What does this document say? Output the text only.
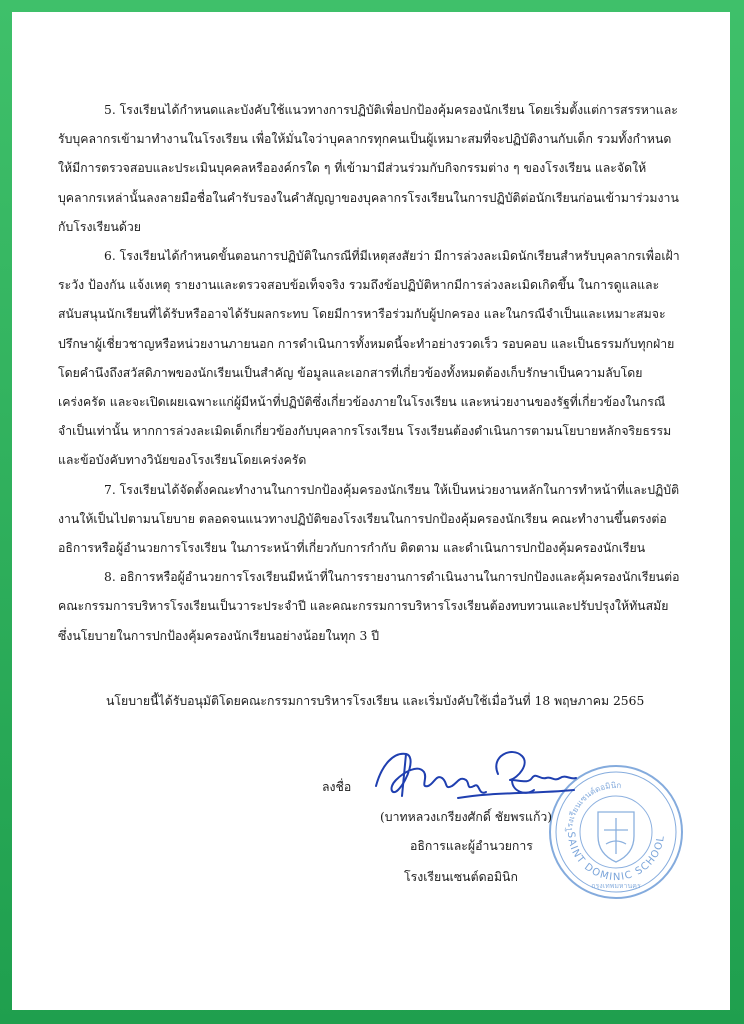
5. โรงเรียนได้กำหนดและบังคับใช้แนวทางการปฏิบัติเพื่อปกป้องคุ้มครองนักเรียน โดยเริ่มตั้งแต่การสรรหาและ
รับบุคลากรเข้ามาทำงานในโรงเรียน เพื่อให้มั่นใจว่าบุคลากรทุกคนเป็นผู้เหมาะสมที่จะปฏิบัติงานกับเด็ก รวมทั้งกำหนด
ให้มีการตรวจสอบและประเมินบุคคลหรือองค์กรใด ๆ ที่เข้ามามีส่วนร่วมกับกิจกรรมต่าง ๆ ของโรงเรียน และจัดให้
บุคลากรเหล่านั้นลงลายมือชื่อในคำรับรองในคำสัญญาของบุคลากรโรงเรียนในการปฏิบัติต่อนักเรียนก่อนเข้ามาร่วมงาน
กับโรงเรียนด้วย

6. โรงเรียนได้กำหนดขั้นตอนการปฏิบัติในกรณีที่มีเหตุสงสัยว่า มีการล่วงละเมิดนักเรียนสำหรับบุคลากรเพื่อเฝ้า
ระวัง ป้องกัน แจ้งเหตุ รายงานและตรวจสอบข้อเท็จจริง รวมถึงข้อปฏิบัติหากมีการล่วงละเมิดเกิดขึ้น ในการดูแลและ
สนับสนุนนักเรียนที่ได้รับหรืออาจได้รับผลกระทบ โดยมีการหารือร่วมกับผู้ปกครอง และในกรณีจำเป็นและเหมาะสมจะ
ปรึกษาผู้เชี่ยวชาญหรือหน่วยงานภายนอก การดำเนินการทั้งหมดนี้จะทำอย่างรวดเร็ว รอบคอบ และเป็นธรรมกับทุกฝ่าย
โดยคำนึงถึงสวัสดิภาพของนักเรียนเป็นสำคัญ ข้อมูลและเอกสารที่เกี่ยวข้องทั้งหมดต้องเก็บรักษาเป็นความลับโดย
เคร่งครัด และจะเปิดเผยเฉพาะแก่ผู้มีหน้าที่ปฏิบัติซึ่งเกี่ยวข้องภายในโรงเรียน และหน่วยงานของรัฐที่เกี่ยวข้องในกรณี
จำเป็นเท่านั้น หากการล่วงละเมิดเด็กเกี่ยวข้องกับบุคลากรโรงเรียน โรงเรียนต้องดำเนินการตามนโยบายหลักจริยธรรม
และข้อบังคับทางวินัยของโรงเรียนโดยเคร่งครัด

7. โรงเรียนได้จัดตั้งคณะทำงานในการปกป้องคุ้มครองนักเรียน ให้เป็นหน่วยงานหลักในการทำหน้าที่และปฏิบัติ
งานให้เป็นไปตามนโยบาย ตลอดจนแนวทางปฏิบัติของโรงเรียนในการปกป้องคุ้มครองนักเรียน คณะทำงานขึ้นตรงต่อ
อธิการหรือผู้อำนวยการโรงเรียน ในภาระหน้าที่เกี่ยวกับการกำกับ ติดตาม และดำเนินการปกป้องคุ้มครองนักเรียน

8. อธิการหรือผู้อำนวยการโรงเรียนมีหน้าที่ในการรายงานการดำเนินงานในการปกป้องและคุ้มครองนักเรียนต่อ
คณะกรรมการบริหารโรงเรียนเป็นวาระประจำปี และคณะกรรมการบริหารโรงเรียนต้องทบทวนและปรับปรุงให้ทันสมัย
ซึ่งนโยบายในการปกป้องคุ้มครองนักเรียนอย่างน้อยในทุก 3 ปี

นโยบายนี้ได้รับอนุมัติโดยคณะกรรมการบริหารโรงเรียน และเริ่มบังคับใช้เมื่อวันที่ 18 พฤษภาคม 2565
SAINT DOMINIC SCHOOL
โรงเรียนเซนต์ดอมินิก
กรุงเทพมหานคร
ลงชื่อ
(บาทหลวงเกรียงศักดิ์ ชัยพรแก้ว)
อธิการและผู้อำนวยการ
โรงเรียนเซนต์ดอมินิก
